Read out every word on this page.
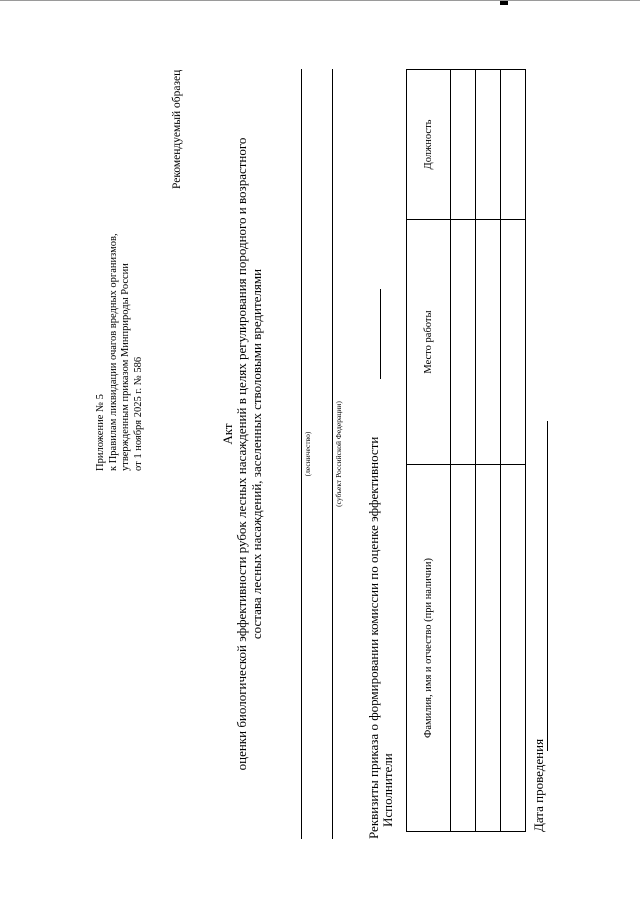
Приложение № 5 к Правилам ликвидации очагов вредных организмов, утвержденным приказом Минприроды России от 1 ноября 2025 г. № 586
Рекомендуемый образец
Акт оценки биологической эффективности рубок лесных насаждений в целях регулирования породного и возрастного состава лесных насаждений, заселенных стволовыми вредителями	(лесничество)	(субъект Российской Федерации) Реквизиты приказа о формировании комиссии по оценке эффективности Исполнители
Фамилия, имя и отчество (при наличии)	Место работы	Должность

Дата проведения
